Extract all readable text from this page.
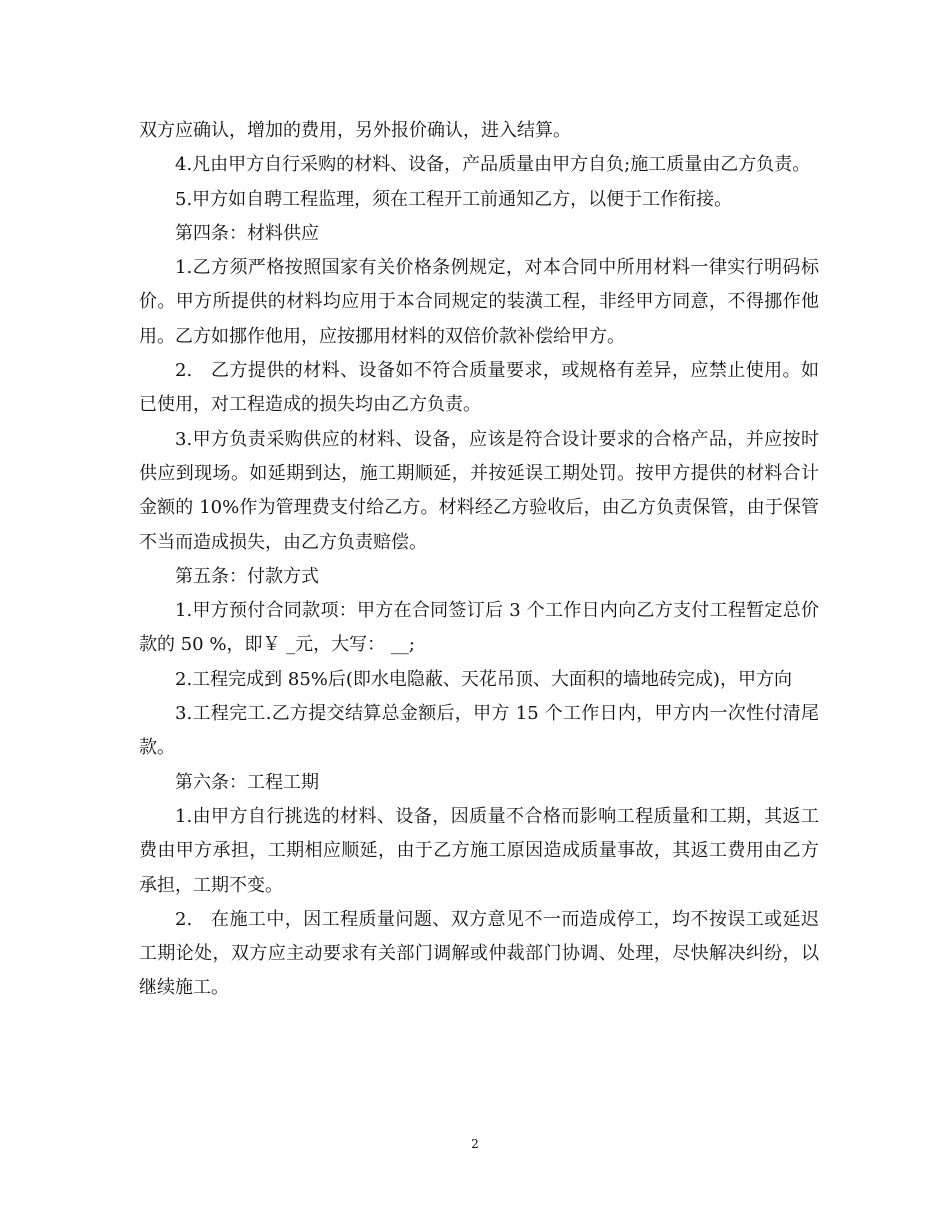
双方应确认，增加的费用，另外报价确认，进入结算。

4.凡由甲方自行采购的材料、设备，产品质量由甲方自负;施工质量由乙方负责。

5.甲方如自聘工程监理，须在工程开工前通知乙方，以便于工作衔接。

第四条：材料供应

1.乙方须严格按照国家有关价格条例规定，对本合同中所用材料一律实行明码标价。甲方所提供的材料均应用于本合同规定的装潢工程，非经甲方同意，不得挪作他用。乙方如挪作他用，应按挪用材料的双倍价款补偿给甲方。

2.　乙方提供的材料、设备如不符合质量要求，或规格有差异，应禁止使用。如已使用，对工程造成的损失均由乙方负责。

3.甲方负责采购供应的材料、设备，应该是符合设计要求的合格产品，并应按时供应到现场。如延期到达，施工期顺延，并按延误工期处罚。按甲方提供的材料合计金额的 10%作为管理费支付给乙方。材料经乙方验收后，由乙方负责保管，由于保管不当而造成损失，由乙方负责赔偿。

第五条：付款方式

1.甲方预付合同款项：甲方在合同签订后 3 个工作日内向乙方支付工程暂定总价款的 50 %，即￥ _元，大写： __;

2.工程完成到 85%后(即水电隐蔽、天花吊顶、大面积的墙地砖完成)，甲方向

3.工程完工.乙方提交结算总金额后，甲方 15 个工作日内，甲方内一次性付清尾款。

第六条：工程工期

1.由甲方自行挑选的材料、设备，因质量不合格而影响工程质量和工期，其返工费由甲方承担，工期相应顺延，由于乙方施工原因造成质量事故，其返工费用由乙方承担，工期不变。

2.　在施工中，因工程质量问题、双方意见不一而造成停工，均不按误工或延迟工期论处，双方应主动要求有关部门调解或仲裁部门协调、处理，尽快解决纠纷，以继续施工。

2
